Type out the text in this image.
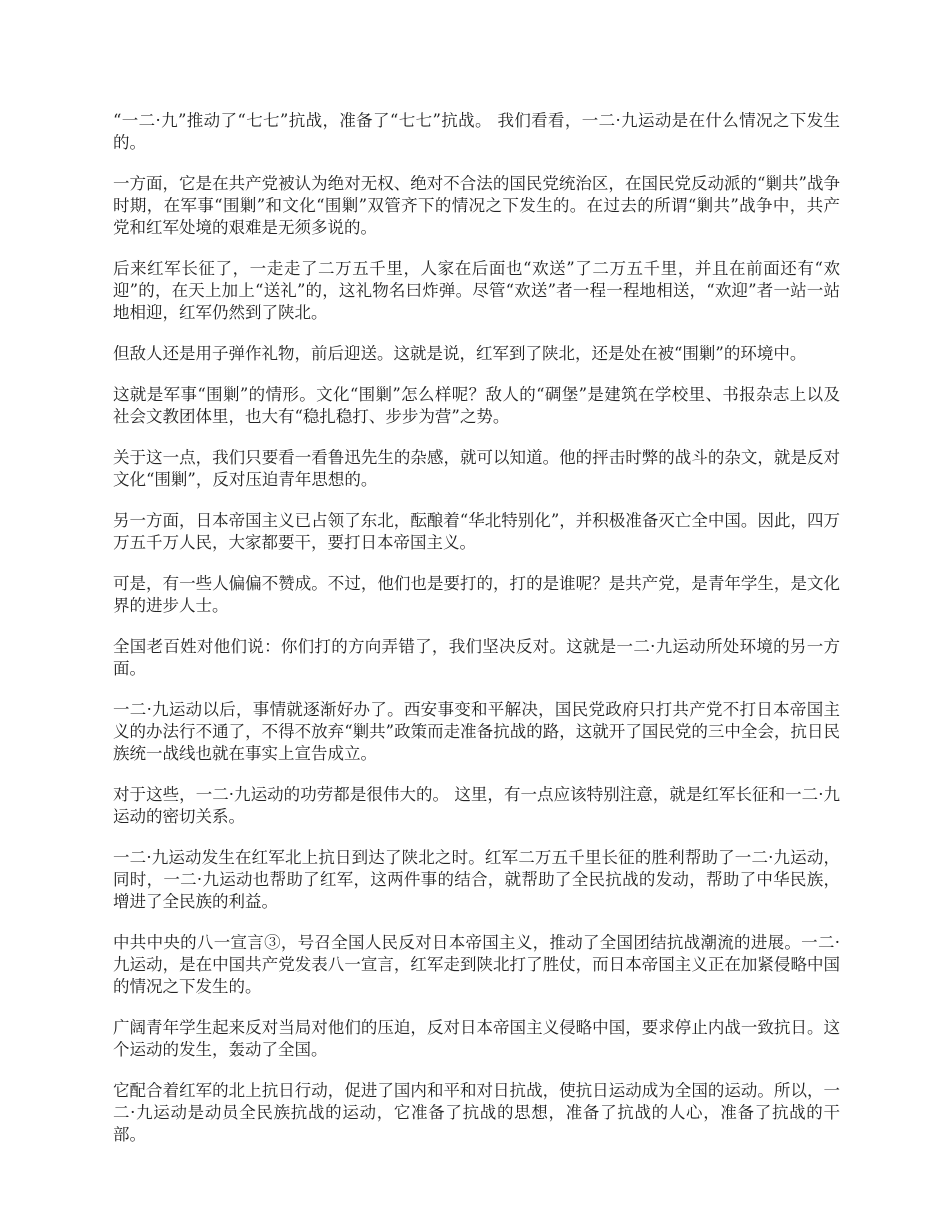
“一二·九”推动了“七七”抗战，准备了“七七”抗战。 我们看看，一二·九运动是在什么情况之下发生的。

一方面，它是在共产党被认为绝对无权、绝对不合法的国民党统治区，在国民党反动派的“剿共”战争时期，在军事“围剿”和文化“围剿”双管齐下的情况之下发生的。在过去的所谓“剿共”战争中，共产党和红军处境的艰难是无须多说的。

后来红军长征了，一走走了二万五千里，人家在后面也“欢送”了二万五千里，并且在前面还有“欢迎”的，在天上加上“送礼”的，这礼物名曰炸弹。尽管“欢送”者一程一程地相送，“欢迎”者一站一站地相迎，红军仍然到了陕北。

但敌人还是用子弹作礼物，前后迎送。这就是说，红军到了陕北，还是处在被“围剿”的环境中。

这就是军事“围剿”的情形。文化“围剿”怎么样呢？敌人的“碉堡”是建筑在学校里、书报杂志上以及社会文教团体里，也大有“稳扎稳打、步步为营”之势。

关于这一点，我们只要看一看鲁迅先生的杂感，就可以知道。他的抨击时弊的战斗的杂文，就是反对文化“围剿”，反对压迫青年思想的。

另一方面，日本帝国主义已占领了东北，酝酿着“华北特别化”，并积极准备灭亡全中国。因此，四万万五千万人民，大家都要干，要打日本帝国主义。

可是，有一些人偏偏不赞成。不过，他们也是要打的，打的是谁呢？是共产党，是青年学生，是文化界的进步人士。

全国老百姓对他们说：你们打的方向弄错了，我们坚决反对。这就是一二·九运动所处环境的另一方面。

一二·九运动以后，事情就逐渐好办了。西安事变和平解决，国民党政府只打共产党不打日本帝国主义的办法行不通了，不得不放弃“剿共”政策而走准备抗战的路，这就开了国民党的三中全会，抗日民族统一战线也就在事实上宣告成立。

对于这些，一二·九运动的功劳都是很伟大的。 这里，有一点应该特别注意，就是红军长征和一二·九运动的密切关系。

一二·九运动发生在红军北上抗日到达了陕北之时。红军二万五千里长征的胜利帮助了一二·九运动，同时，一二·九运动也帮助了红军，这两件事的结合，就帮助了全民抗战的发动，帮助了中华民族，增进了全民族的利益。

中共中央的八一宣言③，号召全国人民反对日本帝国主义，推动了全国团结抗战潮流的进展。一二·九运动，是在中国共产党发表八一宣言，红军走到陕北打了胜仗，而日本帝国主义正在加紧侵略中国的情况之下发生的。

广阔青年学生起来反对当局对他们的压迫，反对日本帝国主义侵略中国，要求停止内战一致抗日。这个运动的发生，轰动了全国。

它配合着红军的北上抗日行动，促进了国内和平和对日抗战，使抗日运动成为全国的运动。所以，一二·九运动是动员全民族抗战的运动，它准备了抗战的思想，准备了抗战的人心，准备了抗战的干部。
